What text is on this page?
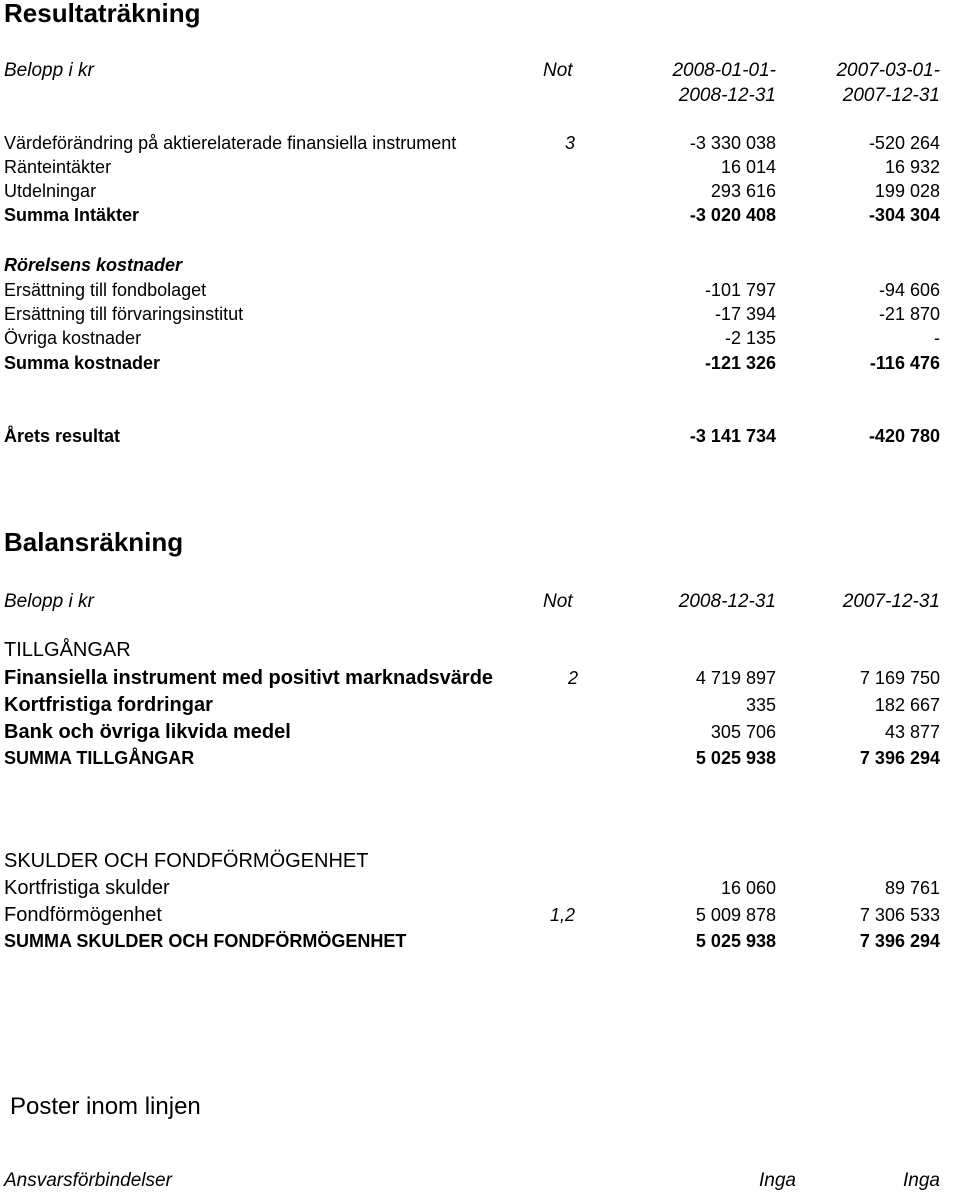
Resultaträkning
Belopp i kr	Not	2008-01-01-	2007-03-01-
2008-12-31	2007-12-31
Värdeförändring på aktierelaterade finansiella instrument	3	-3 330 038	-520 264
Ränteintäkter	16 014	16 932
Utdelningar	293 616	199 028
Summa Intäkter	-3 020 408	-304 304
Rörelsens kostnader
Ersättning till fondbolaget	-101 797	-94 606
Ersättning till förvaringsinstitut	-17 394	-21 870
Övriga kostnader	-2 135	-
Summa kostnader	-121 326	-116 476
Årets resultat	-3 141 734	-420 780
Balansräkning
Belopp i kr	Not	2008-12-31	2007-12-31
TILLGÅNGAR
Finansiella instrument med positivt marknadsvärde	2	4 719 897	7 169 750
Kortfristiga fordringar	335	182 667
Bank och övriga likvida medel	305 706	43 877
SUMMA TILLGÅNGAR	5 025 938	7 396 294
SKULDER OCH FONDFÖRMÖGENHET
Kortfristiga skulder	16 060	89 761
Fondförmögenhet	1,2	5 009 878	7 306 533
SUMMA SKULDER OCH FONDFÖRMÖGENHET	5 025 938	7 396 294
Poster inom linjen
Ansvarsförbindelser	Inga	Inga
